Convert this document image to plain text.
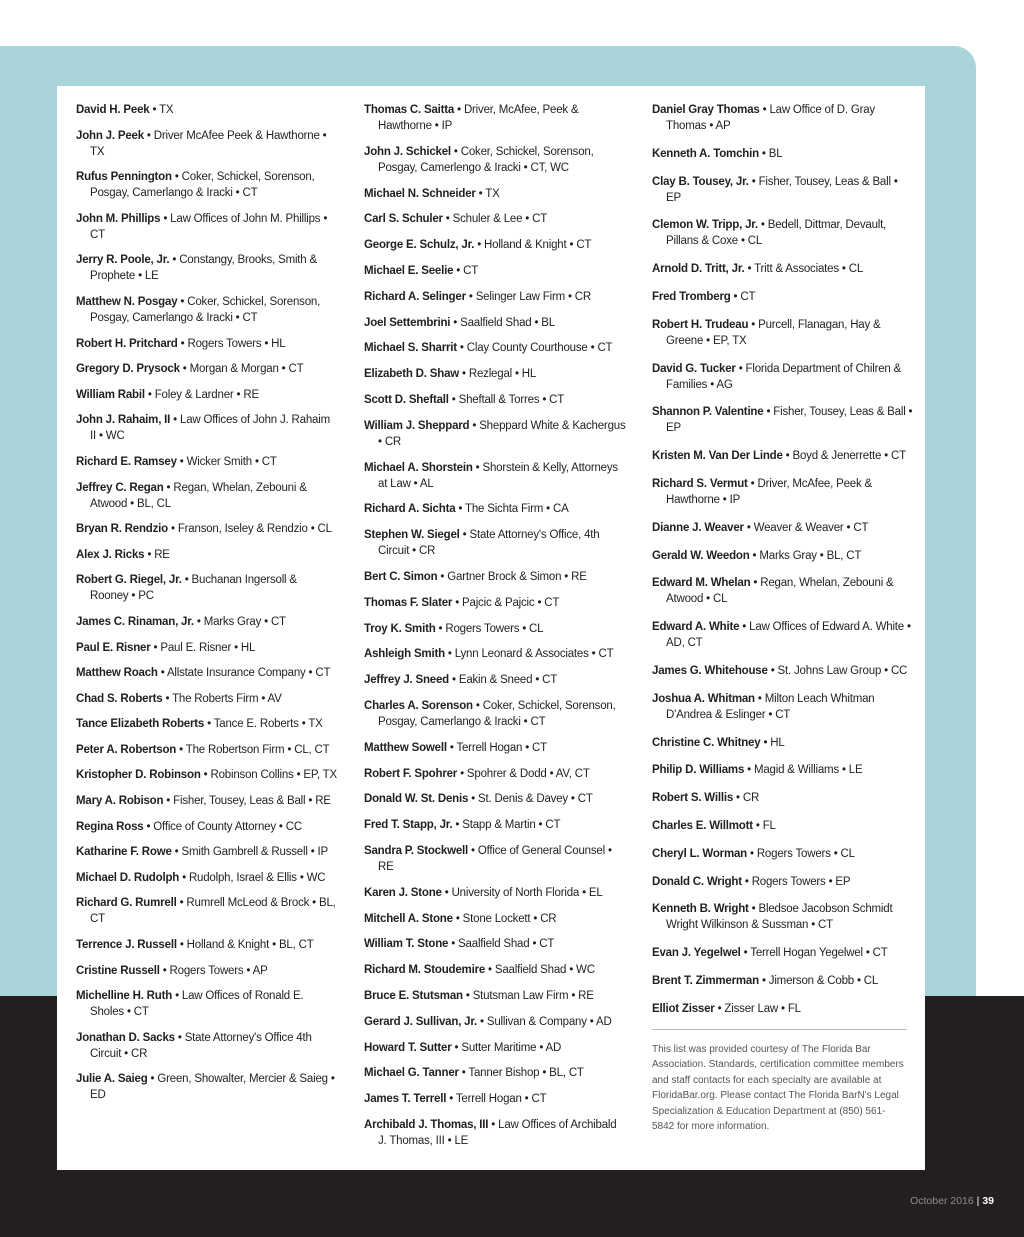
David H. Peek • TX
John J. Peek • Driver McAfee Peek & Hawthorne • TX
Rufus Pennington • Coker, Schickel, Sorenson, Posgay, Camerlango & Iracki • CT
John M. Phillips • Law Offices of John M. Phillips • CT
Jerry R. Poole, Jr. • Constangy, Brooks, Smith & Prophete • LE
Matthew N. Posgay • Coker, Schickel, Sorenson, Posgay, Camerlango & Iracki • CT
Robert H. Pritchard • Rogers Towers • HL
Gregory D. Prysock • Morgan & Morgan • CT
William Rabil • Foley & Lardner • RE
John J. Rahaim, II • Law Offices of John J. Rahaim II • WC
Richard E. Ramsey • Wicker Smith • CT
Jeffrey C. Regan • Regan, Whelan, Zebouni & Atwood • BL, CL
Bryan R. Rendzio • Franson, Iseley & Rendzio • CL
Alex J. Ricks • RE
Robert G. Riegel, Jr. • Buchanan Ingersoll & Rooney • PC
James C. Rinaman, Jr. • Marks Gray • CT
Paul E. Risner • Paul E. Risner • HL
Matthew Roach • Allstate Insurance Company • CT
Chad S. Roberts • The Roberts Firm • AV
Tance Elizabeth Roberts • Tance E. Roberts • TX
Peter A. Robertson • The Robertson Firm • CL, CT
Kristopher D. Robinson • Robinson Collins • EP, TX
Mary A. Robison • Fisher, Tousey, Leas & Ball • RE
Regina Ross • Office of County Attorney • CC
Katharine F. Rowe • Smith Gambrell & Russell • IP
Michael D. Rudolph • Rudolph, Israel & Ellis • WC
Richard G. Rumrell • Rumrell McLeod & Brock • BL, CT
Terrence J. Russell • Holland & Knight • BL, CT
Cristine Russell • Rogers Towers • AP
Michelline H. Ruth • Law Offices of Ronald E. Sholes • CT
Jonathan D. Sacks • State Attorney's Office 4th Circuit • CR
Julie A. Saieg • Green, Showalter, Mercier & Saieg • ED
Thomas C. Saitta • Driver, McAfee, Peek & Hawthorne • IP
John J. Schickel • Coker, Schickel, Sorenson, Posgay, Camerlengo & Iracki • CT, WC
Michael N. Schneider • TX
Carl S. Schuler • Schuler & Lee • CT
George E. Schulz, Jr. • Holland & Knight • CT
Michael E. Seelie • CT
Richard A. Selinger • Selinger Law Firm • CR
Joel Settembrini • Saalfield Shad • BL
Michael S. Sharrit • Clay County Courthouse • CT
Elizabeth D. Shaw • Rezlegal • HL
Scott D. Sheftall • Sheftall & Torres • CT
William J. Sheppard • Sheppard White & Kachergus • CR
Michael A. Shorstein • Shorstein & Kelly, Attorneys at Law • AL
Richard A. Sichta • The Sichta Firm • CA
Stephen W. Siegel • State Attorney's Office, 4th Circuit • CR
Bert C. Simon • Gartner Brock & Simon • RE
Thomas F. Slater • Pajcic & Pajcic • CT
Troy K. Smith • Rogers Towers • CL
Ashleigh Smith • Lynn Leonard & Associates • CT
Jeffrey J. Sneed • Eakin & Sneed • CT
Charles A. Sorenson • Coker, Schickel, Sorenson, Posgay, Camerlango & Iracki • CT
Matthew Sowell • Terrell Hogan • CT
Robert F. Spohrer • Spohrer & Dodd • AV, CT
Donald W. St. Denis • St. Denis & Davey • CT
Fred T. Stapp, Jr. • Stapp & Martin • CT
Sandra P. Stockwell • Office of General Counsel • RE
Karen J. Stone • University of North Florida • EL
Mitchell A. Stone • Stone Lockett • CR
William T. Stone • Saalfield Shad • CT
Richard M. Stoudemire • Saalfield Shad • WC
Bruce E. Stutsman • Stutsman Law Firm • RE
Gerard J. Sullivan, Jr. • Sullivan & Company • AD
Howard T. Sutter • Sutter Maritime • AD
Michael G. Tanner • Tanner Bishop • BL, CT
James T. Terrell • Terrell Hogan • CT
Archibald J. Thomas, III • Law Offices of Archibald J. Thomas, III • LE
Daniel Gray Thomas • Law Office of D. Gray Thomas • AP
Kenneth A. Tomchin • BL
Clay B. Tousey, Jr. • Fisher, Tousey, Leas & Ball • EP
Clemon W. Tripp, Jr. • Bedell, Dittmar, Devault, Pillans & Coxe • CL
Arnold D. Tritt, Jr. • Tritt & Associates • CL
Fred Tromberg • CT
Robert H. Trudeau • Purcell, Flanagan, Hay & Greene • EP, TX
David G. Tucker • Florida Department of Chilren & Families • AG
Shannon P. Valentine • Fisher, Tousey, Leas & Ball • EP
Kristen M. Van Der Linde • Boyd & Jenerrette • CT
Richard S. Vermut • Driver, McAfee, Peek & Hawthorne • IP
Dianne J. Weaver • Weaver & Weaver • CT
Gerald W. Weedon • Marks Gray • BL, CT
Edward M. Whelan • Regan, Whelan, Zebouni & Atwood • CL
Edward A. White • Law Offices of Edward A. White • AD, CT
James G. Whitehouse • St. Johns Law Group • CC
Joshua A. Whitman • Milton Leach Whitman D'Andrea & Eslinger • CT
Christine C. Whitney • HL
Philip D. Williams • Magid & Williams • LE
Robert S. Willis • CR
Charles E. Willmott • FL
Cheryl L. Worman • Rogers Towers • CL
Donald C. Wright • Rogers Towers • EP
Kenneth B. Wright • Bledsoe Jacobson Schmidt Wright Wilkinson & Sussman • CT
Evan J. Yegelwel • Terrell Hogan Yegelwel • CT
Brent T. Zimmerman • Jimerson & Cobb • CL
Elliot Zisser • Zisser Law • FL
This list was provided courtesy of The Florida Bar Association. Standards, certification committee members and staff contacts for each specialty are available at FloridaBar.org. Please contact The Florida BarN's Legal Specialization & Education Department at (850) 561-5842 for more information.
October 2016 | 39
